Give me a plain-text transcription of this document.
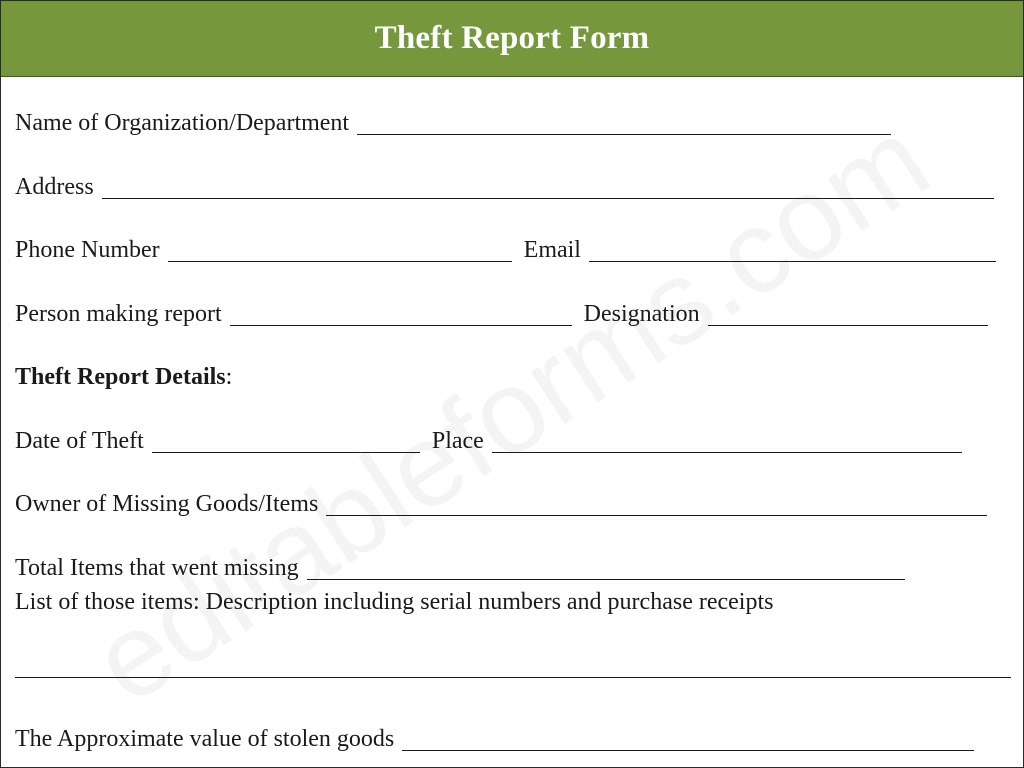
Theft Report Form
Name of Organization/Department
Address
Phone Number	Email
Person making report	Designation
Theft Report Details :
Date of Theft	Place
Owner of Missing Goods/Items
Total Items that went missing
List of those items: Description including serial numbers and purchase receipts
The Approximate value of stolen goods
